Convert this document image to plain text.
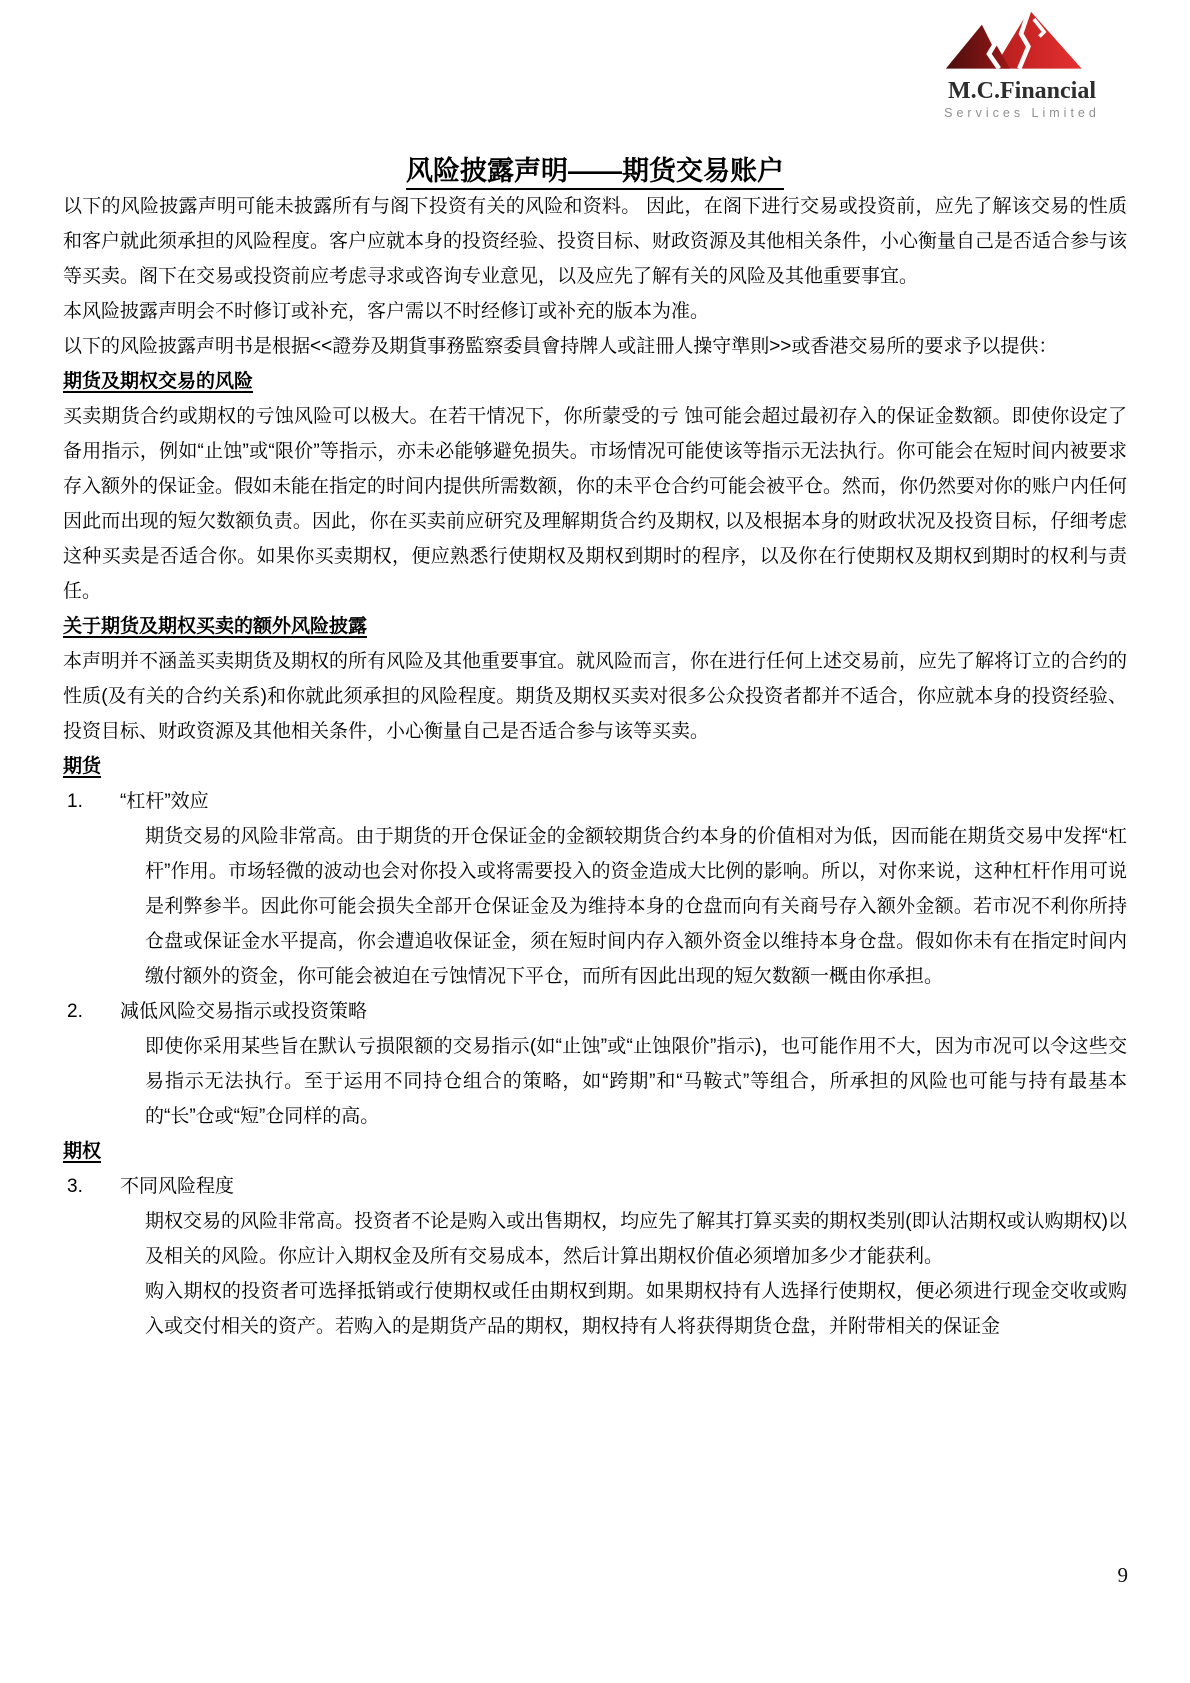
M.C.Financial
Services Limited
风险披露声明——期货交易账户

以下的风险披露声明可能未披露所有与阁下投资有关的风险和资料。 因此，在阁下进行交易或投资前，应先了解该交易的性质和客户就此须承担的风险程度。客户应就本身的投资经验、投资目标、财政资源及其他相关条件，小心衡量自己是否适合参与该等买卖。阁下在交易或投资前应考虑寻求或咨询专业意见，以及应先了解有关的风险及其他重要事宜。

本风险披露声明会不时修订或补充，客户需以不时经修订或补充的版本为准。

以下的风险披露声明书是根据<<證券及期貨事務監察委員會持牌人或註冊人操守準則>>或香港交易所的要求予以提供：

期货及期权交易的风险

买卖期货合约或期权的亏蚀风险可以极大。在若干情况下，你所蒙受的亏 蚀可能会超过最初存入的保证金数额。即使你设定了备用指示，例如“止蚀”或“限价”等指示，亦未必能够避免损失。市场情况可能使该等指示无法执行。你可能会在短时间内被要求存入额外的保证金。假如未能在指定的时间内提供所需数额，你的未平仓合约可能会被平仓。然而，你仍然要对你的账户内任何因此而出现的短欠数额负责。因此，你在买卖前应研究及理解期货合约及期权, 以及根据本身的财政状况及投资目标，仔细考虑这种买卖是否适合你。如果你买卖期权，便应熟悉行使期权及期权到期时的程序，以及你在行使期权及期权到期时的权利与责任。

关于期货及期权买卖的额外风险披露

本声明并不涵盖买卖期货及期权的所有风险及其他重要事宜。就风险而言，你在进行任何上述交易前，应先了解将订立的合约的性质(及有关的合约关系)和你就此须承担的风险程度。期货及期权买卖对很多公众投资者都并不适合，你应就本身的投资经验、投资目标、财政资源及其他相关条件，小心衡量自己是否适合参与该等买卖。

期货
1.	“杠杆”效应

期货交易的风险非常高。由于期货的开仓保证金的金额较期货合约本身的价值相对为低，因而能在期货交易中发挥“杠杆”作用。市场轻微的波动也会对你投入或将需要投入的资金造成大比例的影响。所以，对你来说，这种杠杆作用可说是利弊参半。因此你可能会损失全部开仓保证金及为维持本身的仓盘而向有关商号存入额外金额。若市况不利你所持仓盘或保证金水平提高，你会遭追收保证金，须在短时间内存入额外资金以维持本身仓盘。假如你未有在指定时间内缴付额外的资金，你可能会被迫在亏蚀情况下平仓，而所有因此出现的短欠数额一概由你承担。

2.	减低风险交易指示或投资策略

即使你采用某些旨在默认亏损限额的交易指示(如“止蚀”或“止蚀限价”指示)，也可能作用不大，因为市况可以令这些交易指示无法执行。至于运用不同持仓组合的策略，如“跨期”和“马鞍式”等组合，所承担的风险也可能与持有最基本的“长”仓或“短”仓同样的高。

期权
3.	不同风险程度

期权交易的风险非常高。投资者不论是购入或出售期权，均应先了解其打算买卖的期权类别(即认沽期权或认购期权)以及相关的风险。你应计入期权金及所有交易成本，然后计算出期权价值必须增加多少才能获利。

购入期权的投资者可选择抵销或行使期权或任由期权到期。如果期权持有人选择行使期权，便必须进行现金交收或购入或交付相关的资产。若购入的是期货产品的期权，期权持有人将获得期货仓盘，并附带相关的保证金

9
